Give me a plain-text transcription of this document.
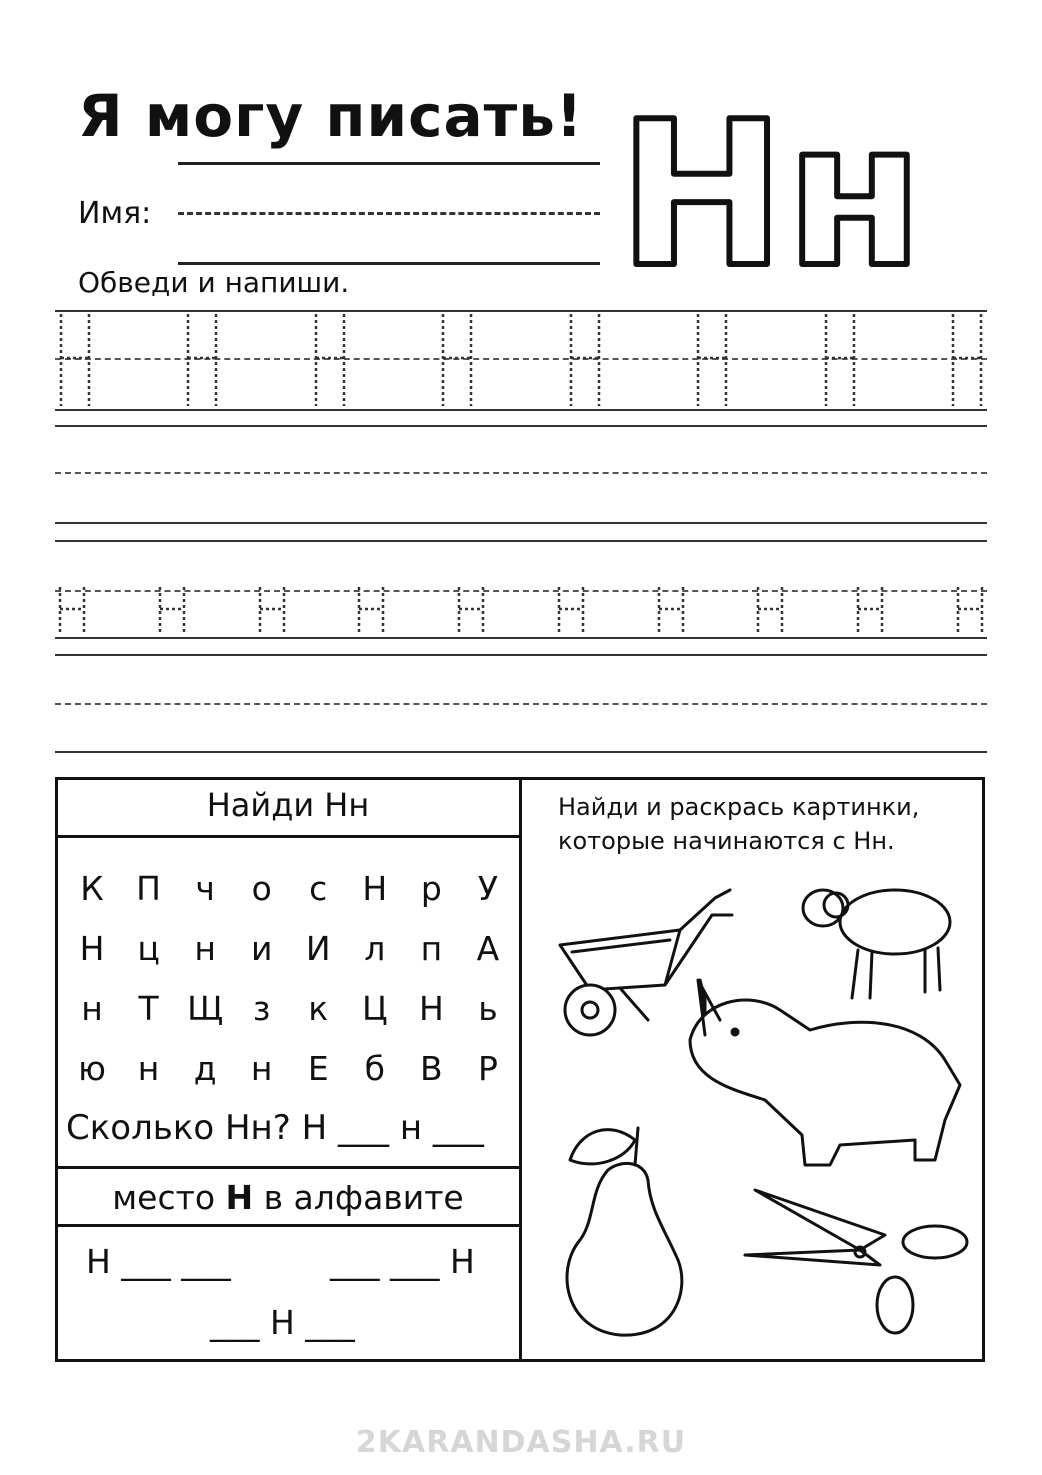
Я могу писать!
Имя:
Обведи и напиши. Нн
Найди Нн
К П	ч	о	с	Н	р	У
Н ц	н	и	И	л	п	А
н	Т Щ з	к	Ц Н	ь
ю н	д	н	Е	б	В	Р
Сколько Нн? Н ___ н ___
место Н в алфавите
Н ___ ___	___ ___ Н
___ Н ___
Найди и раскрась картинки,
которые начинаются с Нн.
2KARANDASHA.RU
